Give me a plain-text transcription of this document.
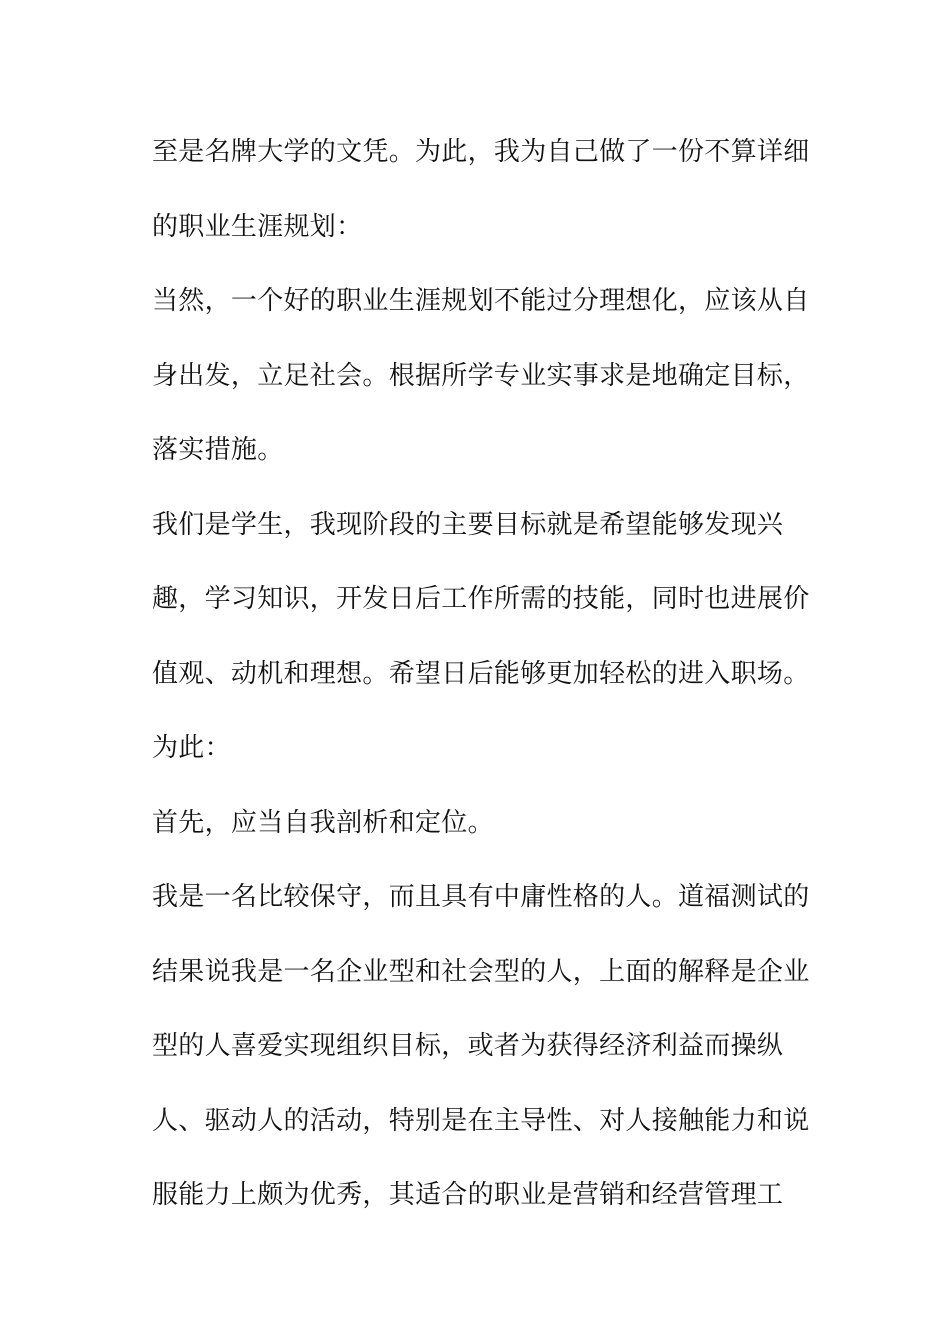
至是名牌大学的文凭。为此，我为自己做了一份不算详细
的职业生涯规划：
当然，一个好的职业生涯规划不能过分理想化，应该从自
身出发，立足社会。根据所学专业实事求是地确定目标，
落实措施。
我们是学生，我现阶段的主要目标就是希望能够发现兴
趣，学习知识，开发日后工作所需的技能，同时也进展价
值观、动机和理想。希望日后能够更加轻松的进入职场。
为此：
首先，应当自我剖析和定位。
我是一名比较保守，而且具有中庸性格的人。道福测试的
结果说我是一名企业型和社会型的人，上面的解释是企业
型的人喜爱实现组织目标，或者为获得经济利益而操纵
人、驱动人的活动，特别是在主导性、对人接触能力和说
服能力上颇为优秀，其适合的职业是营销和经营管理工
